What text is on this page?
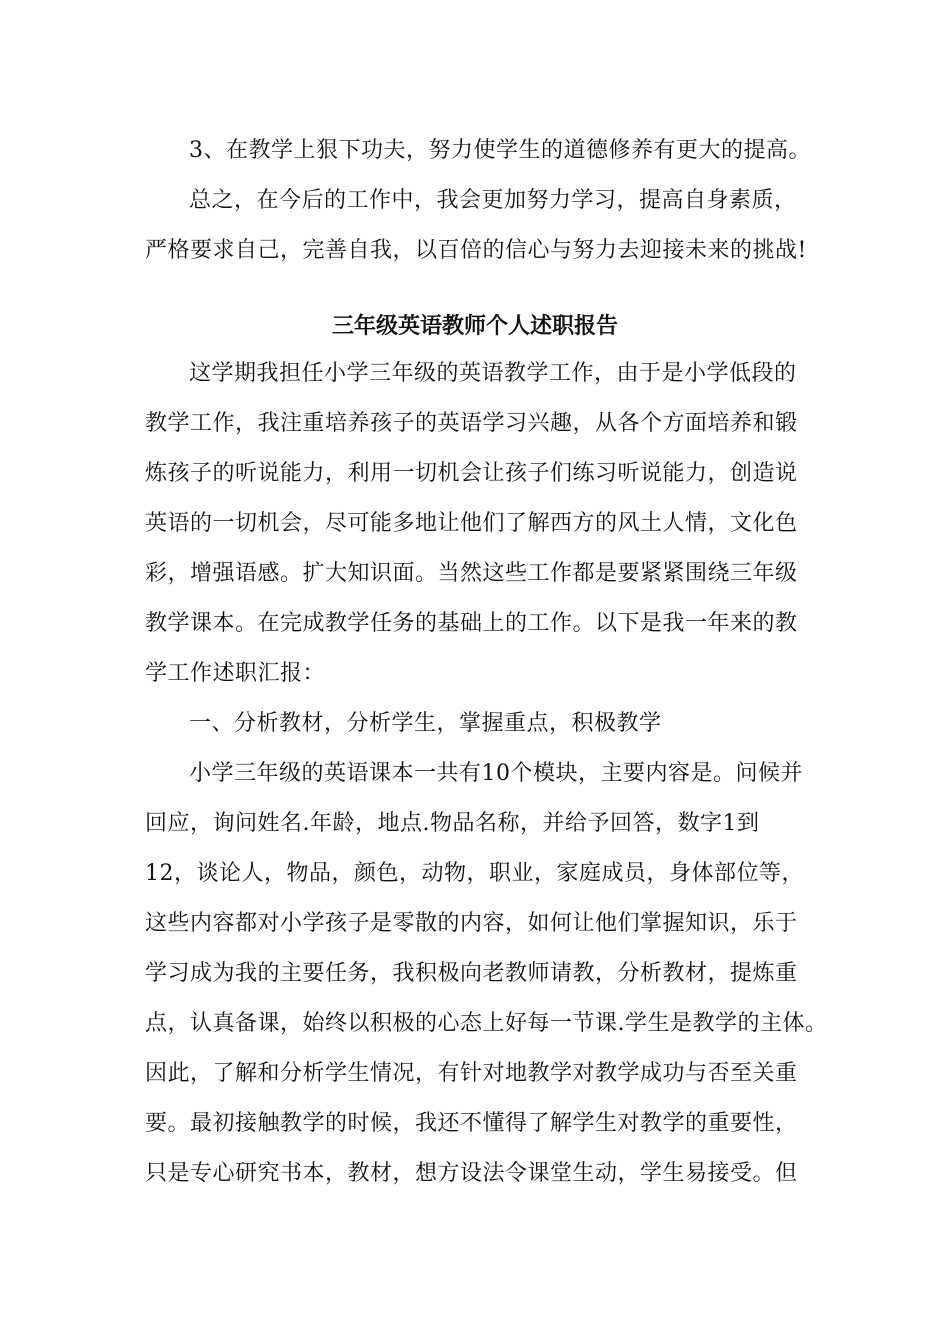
3、在教学上狠下功夫，努力使学生的道德修养有更大的提高。
总之，在今后的工作中，我会更加努力学习，提高自身素质，
严格要求自己，完善自我，以百倍的信心与努力去迎接未来的挑战!
三年级英语教师个人述职报告
这学期我担任小学三年级的英语教学工作，由于是小学低段的
教学工作，我注重培养孩子的英语学习兴趣，从各个方面培养和锻
炼孩子的听说能力，利用一切机会让孩子们练习听说能力，创造说
英语的一切机会，尽可能多地让他们了解西方的风土人情，文化色
彩，增强语感。扩大知识面。当然这些工作都是要紧紧围绕三年级
教学课本。在完成教学任务的基础上的工作。以下是我一年来的教
学工作述职汇报：
一、分析教材，分析学生，掌握重点，积极教学
小学三年级的英语课本一共有10个模块，主要内容是。问候并
回应，询问姓名.年龄，地点.物品名称，并给予回答，数字1到
12，谈论人，物品，颜色，动物，职业，家庭成员，身体部位等，
这些内容都对小学孩子是零散的内容，如何让他们掌握知识，乐于
学习成为我的主要任务，我积极向老教师请教，分析教材，提炼重
点，认真备课，始终以积极的心态上好每一节课.学生是教学的主体。
因此，了解和分析学生情况，有针对地教学对教学成功与否至关重
要。最初接触教学的时候，我还不懂得了解学生对教学的重要性，
只是专心研究书本，教材，想方设法令课堂生动，学生易接受。但
